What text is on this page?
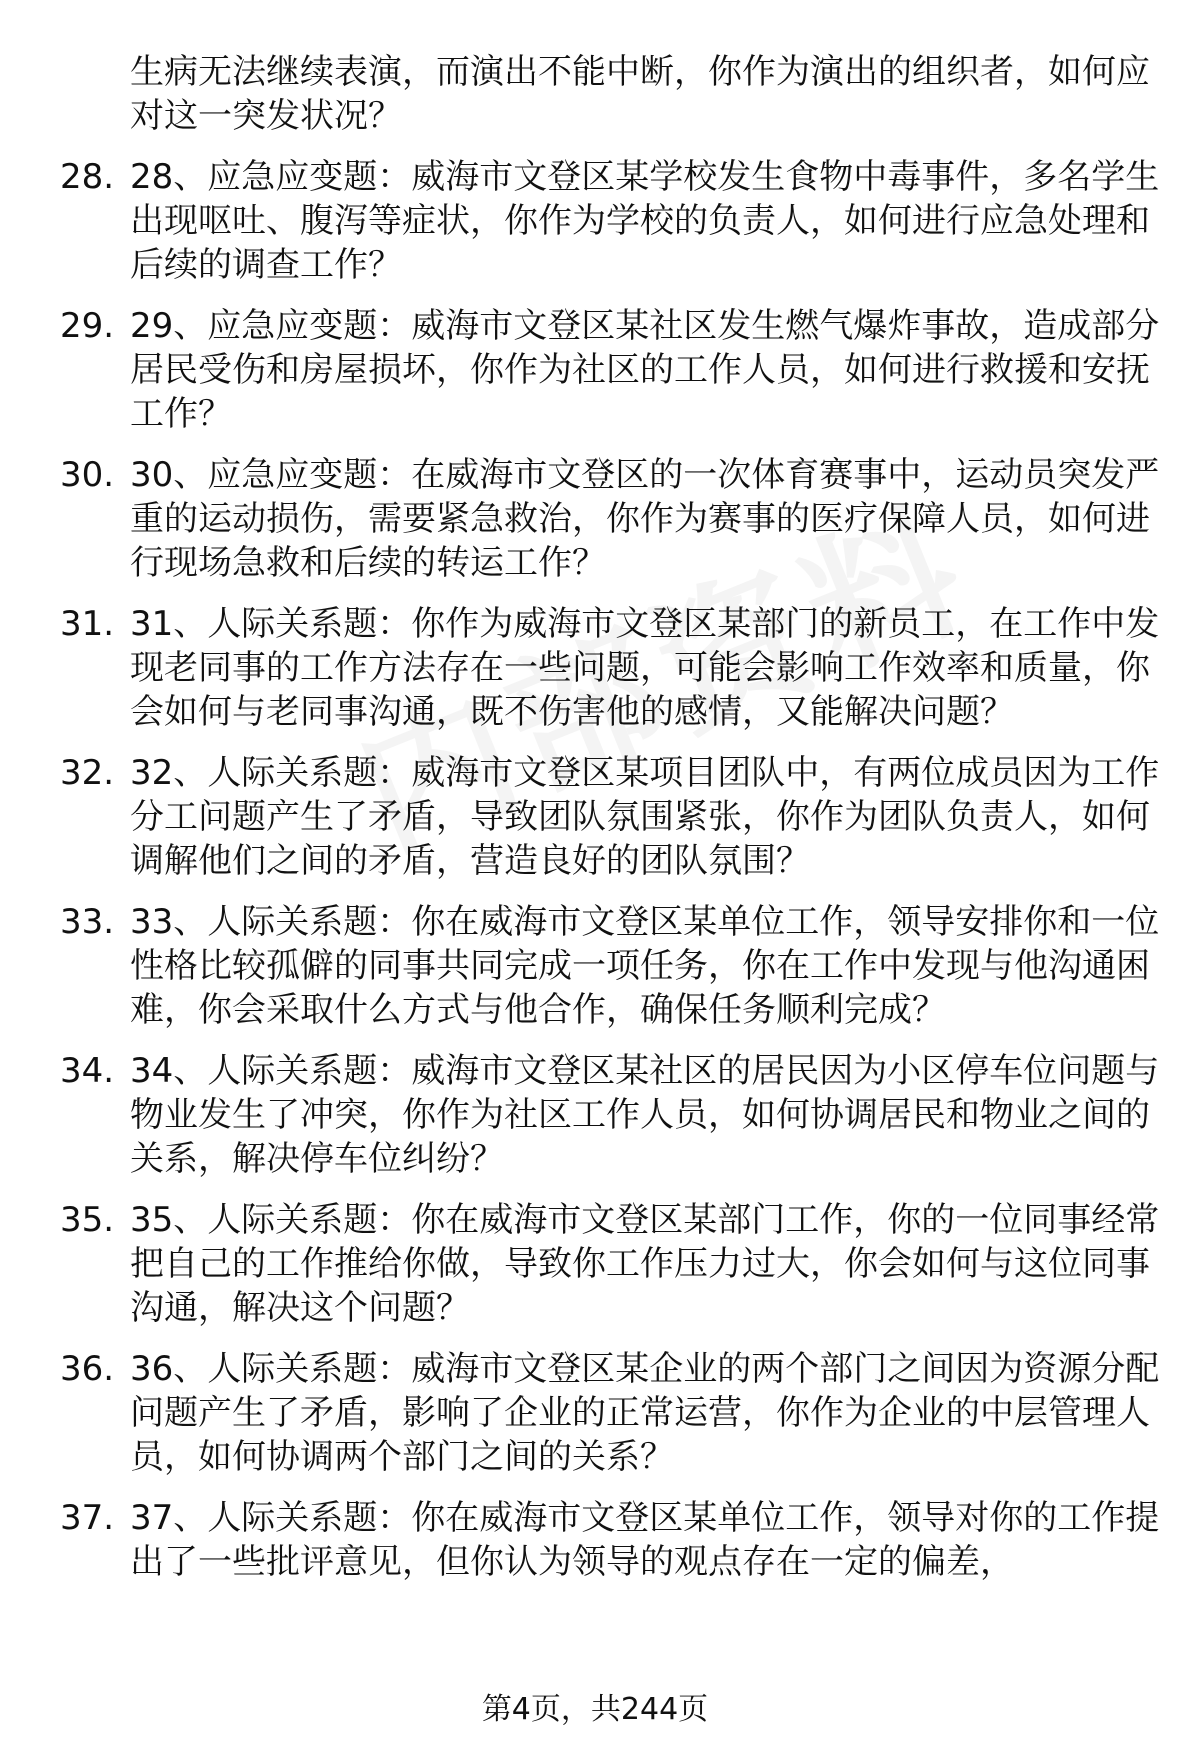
生病无法继续表演，而演出不能中断，你作为演出的组织者，如何应对这一突发状况？
28. 28、应急应变题：威海市文登区某学校发生食物中毒事件，多名学生出现呕吐、腹泻等症状，你作为学校的负责人，如何进行应急处理和后续的调查工作？
29. 29、应急应变题：威海市文登区某社区发生燃气爆炸事故，造成部分居民受伤和房屋损坏，你作为社区的工作人员，如何进行救援和安抚工作？
30. 30、应急应变题：在威海市文登区的一次体育赛事中，运动员突发严重的运动损伤，需要紧急救治，你作为赛事的医疗保障人员，如何进行现场急救和后续的转运工作？
31. 31、人际关系题：你作为威海市文登区某部门的新员工，在工作中发现老同事的工作方法存在一些问题，可能会影响工作效率和质量，你会如何与老同事沟通，既不伤害他的感情，又能解决问题？
32. 32、人际关系题：威海市文登区某项目团队中，有两位成员因为工作分工问题产生了矛盾，导致团队氛围紧张，你作为团队负责人，如何调解他们之间的矛盾，营造良好的团队氛围？
33. 33、人际关系题：你在威海市文登区某单位工作，领导安排你和一位性格比较孤僻的同事共同完成一项任务，你在工作中发现与他沟通困难，你会采取什么方式与他合作，确保任务顺利完成？
34. 34、人际关系题：威海市文登区某社区的居民因为小区停车位问题与物业发生了冲突，你作为社区工作人员，如何协调居民和物业之间的关系，解决停车位纠纷？
35. 35、人际关系题：你在威海市文登区某部门工作，你的一位同事经常把自己的工作推给你做，导致你工作压力过大，你会如何与这位同事沟通，解决这个问题？
36. 36、人际关系题：威海市文登区某企业的两个部门之间因为资源分配问题产生了矛盾，影响了企业的正常运营，你作为企业的中层管理人员，如何协调两个部门之间的关系？
37. 37、人际关系题：你在威海市文登区某单位工作，领导对你的工作提出了一些批评意见，但你认为领导的观点存在一定的偏差，
第4页，共244页
